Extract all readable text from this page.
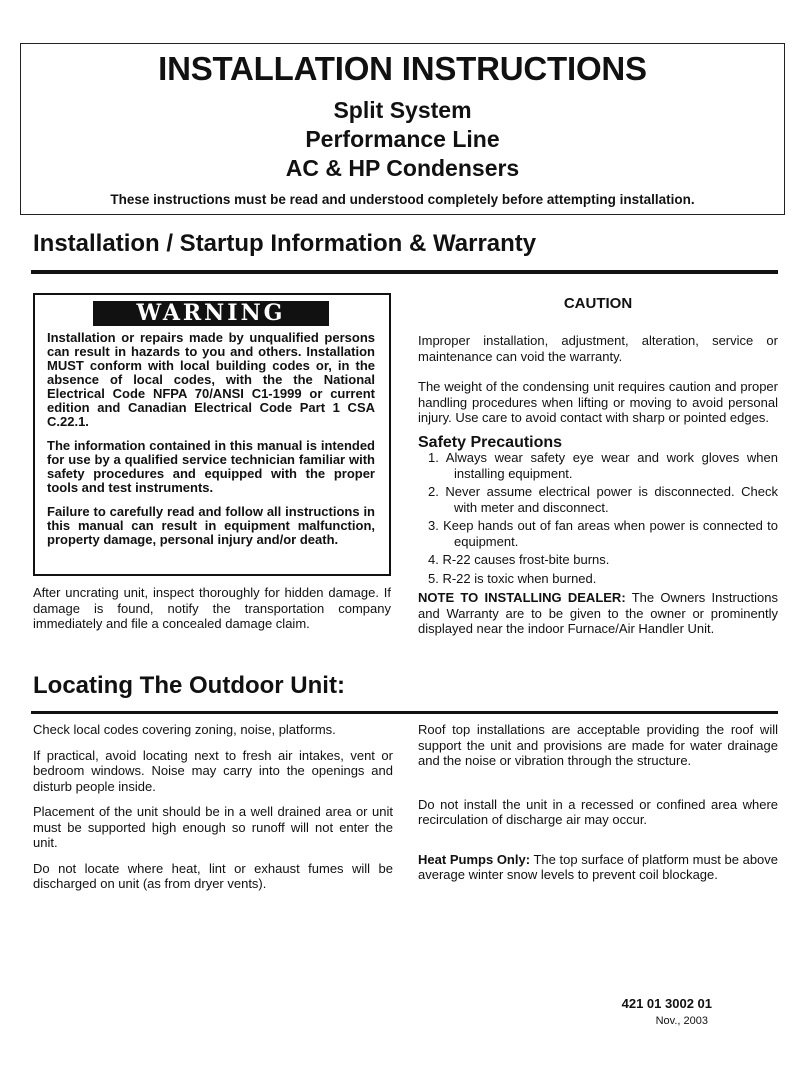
INSTALLATION INSTRUCTIONS
Split System
Performance Line
AC & HP Condensers
These instructions must be read and understood completely before attempting installation.
Installation / Startup Information & Warranty
WARNING

Installation or repairs made by unqualified persons can result in hazards to you and others. Installation MUST conform with local building codes or, in the absence of local codes, with the the National Electrical Code NFPA 70/ANSI C1-1999 or current edition and Canadian Electrical Code Part 1 CSA C.22.1.

The information contained in this manual is intended for use by a qualified service technician familiar with safety procedures and equipped with the proper tools and test instruments.

Failure to carefully read and follow all instructions in this manual can result in equipment malfunction, property damage, personal injury and/or death.

After uncrating unit, inspect thoroughly for hidden damage. If damage is found, notify the transportation company immediately and file a concealed damage claim.

CAUTION

Improper installation, adjustment, alteration, service or maintenance can void the warranty.

The weight of the condensing unit requires caution and proper handling procedures when lifting or moving to avoid personal injury. Use care to avoid contact with sharp or pointed edges.

Safety Precautions

1. Always wear safety eye wear and work gloves when installing equipment.
2. Never assume electrical power is disconnected. Check with meter and disconnect.
3. Keep hands out of fan areas when power is connected to equipment.
4. R-22 causes frost-bite burns.
5. R-22 is toxic when burned.

NOTE TO INSTALLING DEALER: The Owners Instructions and Warranty are to be given to the owner or prominently displayed near the indoor Furnace/Air Handler Unit.

Locating The Outdoor Unit:

Check local codes covering zoning, noise, platforms.

If practical, avoid locating next to fresh air intakes, vent or bedroom windows. Noise may carry into the openings and disturb people inside.

Placement of the unit should be in a well drained area or unit must be supported high enough so runoff will not enter the unit.

Do not locate where heat, lint or exhaust fumes will be discharged on unit (as from dryer vents).

Roof top installations are acceptable providing the roof will support the unit and provisions are made for water drainage and the noise or vibration through the structure.

Do not install the unit in a recessed or confined area where recirculation of discharge air may occur.

Heat Pumps Only: The top surface of platform must be above average winter snow levels to prevent coil blockage.

421 01 3002 01
Nov., 2003
